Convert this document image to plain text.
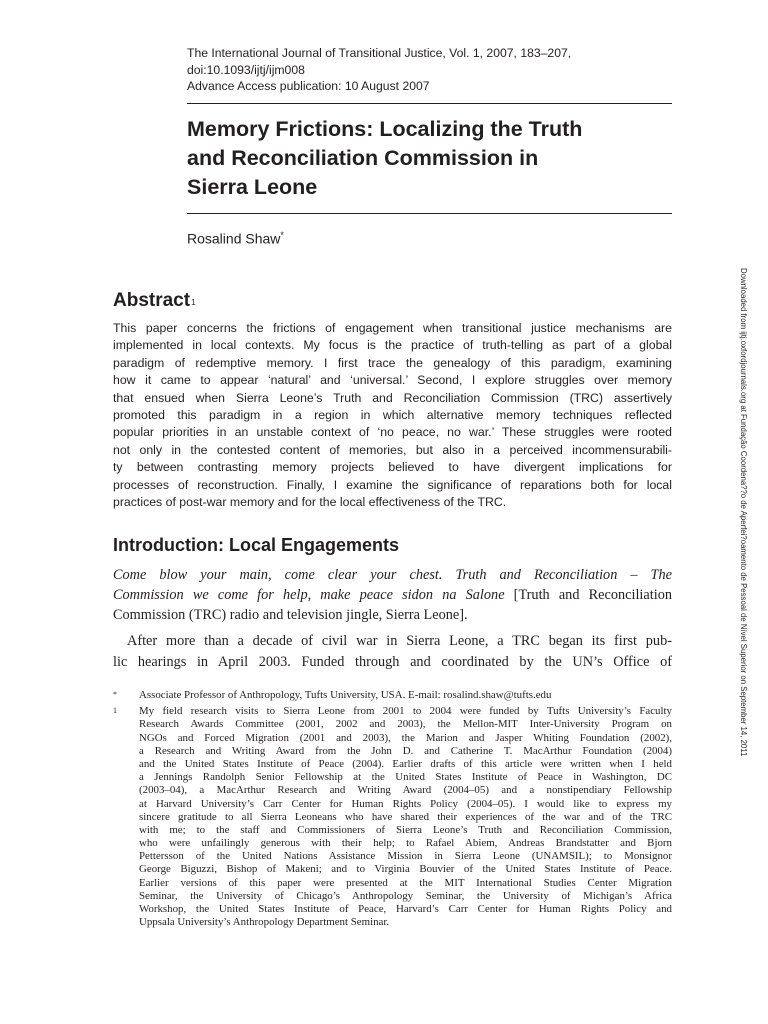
The International Journal of Transitional Justice, Vol. 1, 2007, 183–207,
doi:10.1093/ijtj/ijm008
Advance Access publication: 10 August 2007
Memory Frictions: Localizing the Truth
and Reconciliation Commission in
Sierra Leone
Rosalind Shaw*
Downloaded from ijtj.oxfordjournals.org at Fundação Coordena??o de Aperfei?oamento de Pessoal de Nível Superior on September 14, 2011
Abstract1
This paper concerns the frictions of engagement when transitional justice mechanisms are
implemented in local contexts. My focus is the practice of truth-telling as part of a global
paradigm of redemptive memory. I first trace the genealogy of this paradigm, examining
how it came to appear ‘natural’ and ‘universal.’ Second, I explore struggles over memory
that ensued when Sierra Leone’s Truth and Reconciliation Commission (TRC) assertively
promoted this paradigm in a region in which alternative memory techniques reflected
popular priorities in an unstable context of ‘no peace, no war.’ These struggles were rooted
not only in the contested content of memories, but also in a perceived incommensurabili-
ty between contrasting memory projects believed to have divergent implications for
processes of reconstruction. Finally, I examine the significance of reparations both for local
practices of post-war memory and for the local effectiveness of the TRC.
Introduction: Local Engagements
Come blow your main, come clear your chest. Truth and Reconciliation – The
Commission we come for help, make peace sidon na Salone [Truth and Reconciliation
Commission (TRC) radio and television jingle, Sierra Leone].
After more than a decade of civil war in Sierra Leone, a TRC began its first pub-
lic hearings in April 2003. Funded through and coordinated by the UN’s Office of
* Associate Professor of Anthropology, Tufts University, USA. E-mail: rosalind.shaw@tufts.edu
1 My field research visits to Sierra Leone from 2001 to 2004 were funded by Tufts University’s Faculty
Research Awards Committee (2001, 2002 and 2003), the Mellon-MIT Inter-University Program on
NGOs and Forced Migration (2001 and 2003), the Marion and Jasper Whiting Foundation (2002),
a Research and Writing Award from the John D. and Catherine T. MacArthur Foundation (2004)
and the United States Institute of Peace (2004). Earlier drafts of this article were written when I held
a Jennings Randolph Senior Fellowship at the United States Institute of Peace in Washington, DC
(2003–04), a MacArthur Research and Writing Award (2004–05) and a nonstipendiary Fellowship
at Harvard University’s Carr Center for Human Rights Policy (2004–05). I would like to express my
sincere gratitude to all Sierra Leoneans who have shared their experiences of the war and of the TRC
with me; to the staff and Commissioners of Sierra Leone’s Truth and Reconciliation Commission,
who were unfailingly generous with their help; to Rafael Abiem, Andreas Brandstatter and Bjorn
Pettersson of the United Nations Assistance Mission in Sierra Leone (UNAMSIL); to Monsignor
George Biguzzi, Bishop of Makeni; and to Virginia Bouvier of the United States Institute of Peace.
Earlier versions of this paper were presented at the MIT International Studies Center Migration
Seminar, the University of Chicago’s Anthropology Seminar, the University of Michigan’s Africa
Workshop, the United States Institute of Peace, Harvard’s Carr Center for Human Rights Policy and
Uppsala University’s Anthropology Department Seminar.
